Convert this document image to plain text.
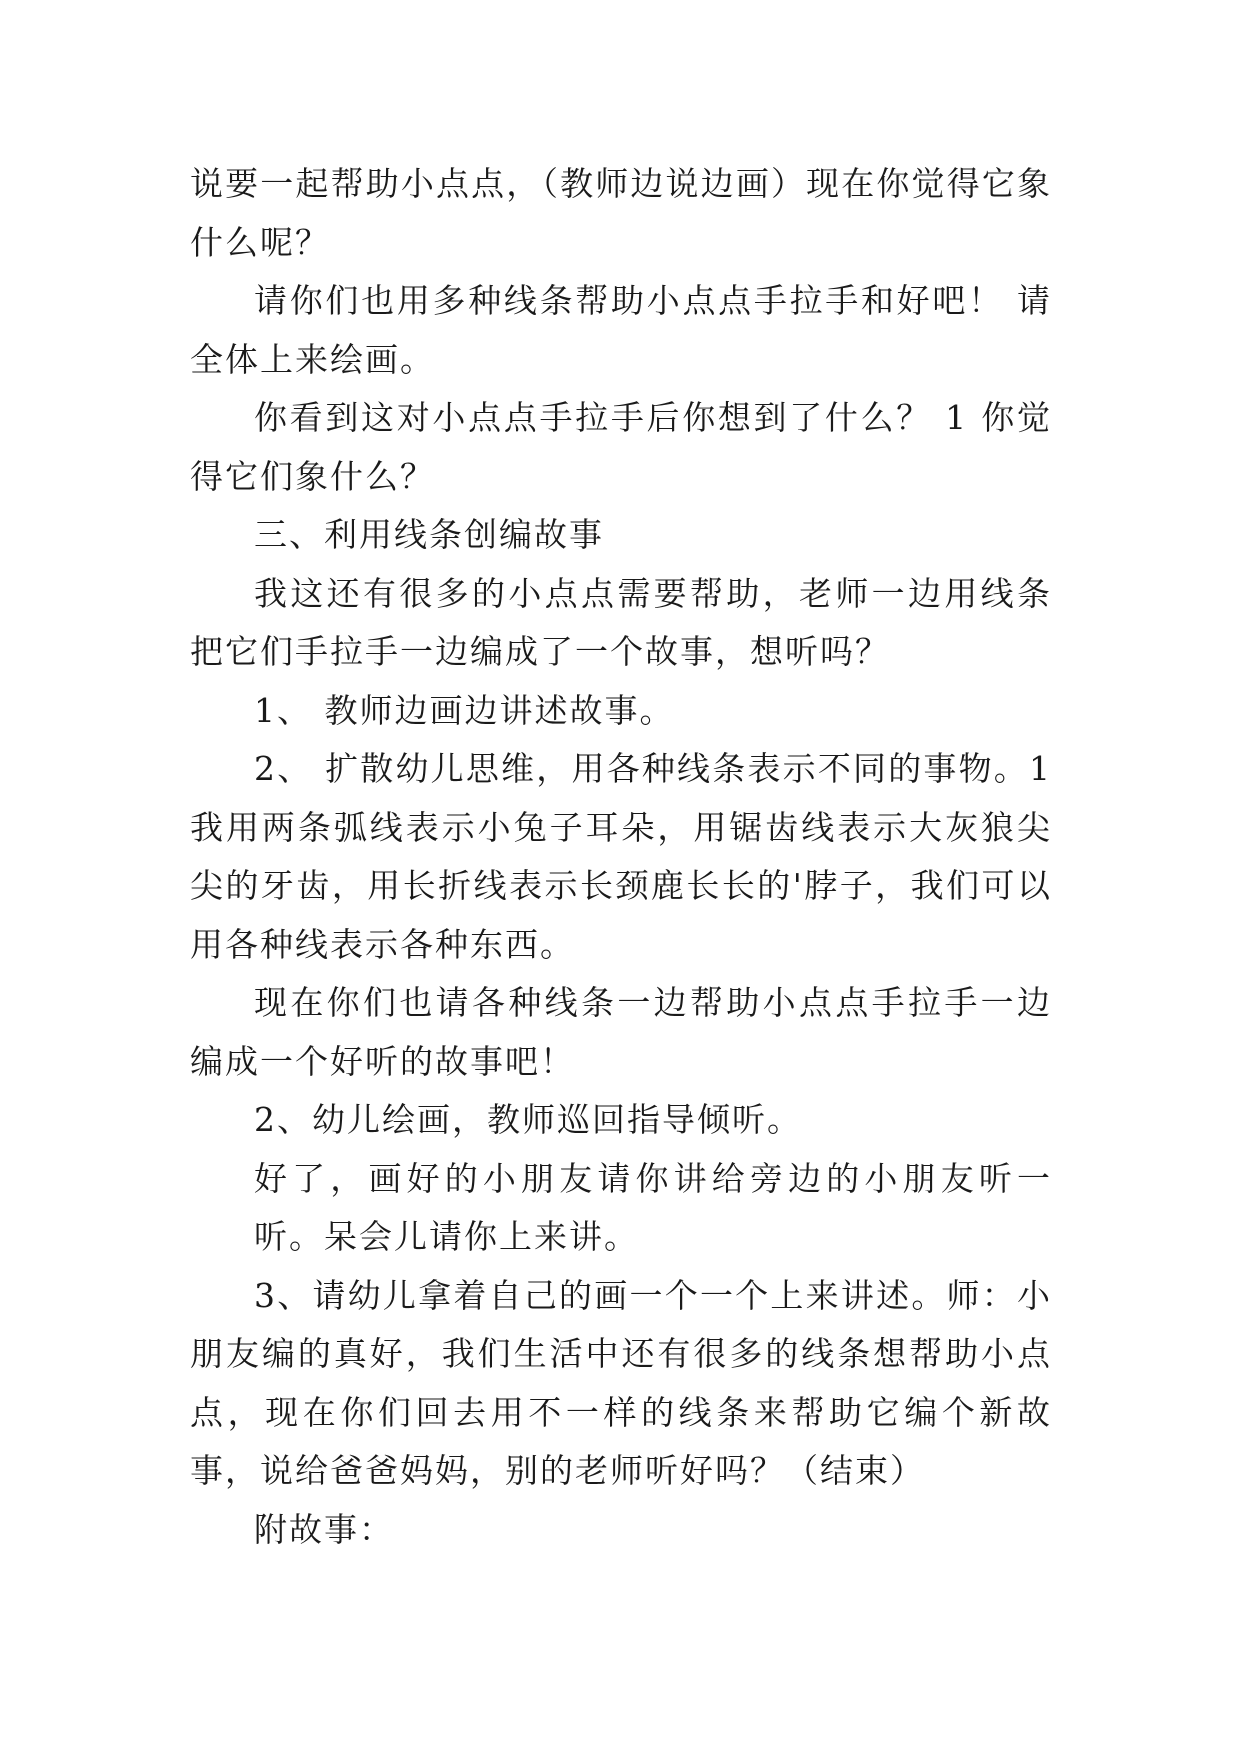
说要一起帮助小点点，（教师边说边画）现在你觉得它象什么呢？

请你们也用多种线条帮助小点点手拉手和好吧！ 请全体上来绘画。

你看到这对小点点手拉手后你想到了什么？ 1 你觉得它们象什么？

三、利用线条创编故事

我这还有很多的小点点需要帮助，老师一边用线条把它们手拉手一边编成了一个故事，想听吗？

1、 教师边画边讲述故事。

2、 扩散幼儿思维，用各种线条表示不同的事物。1 我用两条弧线表示小兔子耳朵，用锯齿线表示大灰狼尖尖的牙齿，用长折线表示长颈鹿长长的'脖子，我们可以用各种线表示各种东西。

现在你们也请各种线条一边帮助小点点手拉手一边编成一个好听的故事吧！

2、幼儿绘画，教师巡回指导倾听。

好了，画好的小朋友请你讲给旁边的小朋友听一听。呆会儿请你上来讲。

3、请幼儿拿着自己的画一个一个上来讲述。师：小朋友编的真好，我们生活中还有很多的线条想帮助小点点，现在你们回去用不一样的线条来帮助它编个新故事，说给爸爸妈妈，别的老师听好吗？（结束）

附故事：
